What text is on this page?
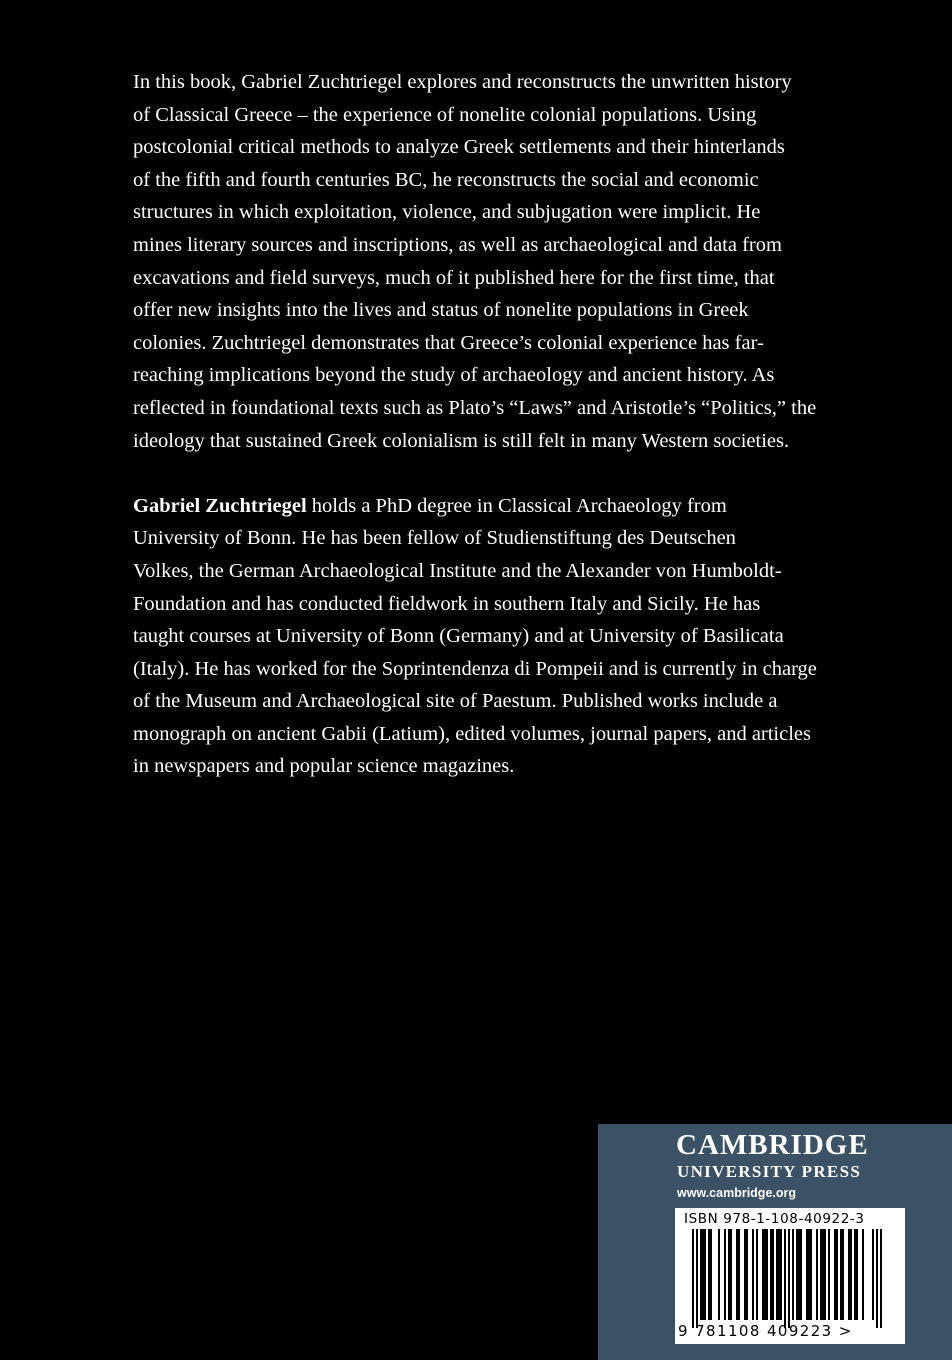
In this book, Gabriel Zuchtriegel explores and reconstructs the unwritten history
of Classical Greece – the experience of nonelite colonial populations. Using
postcolonial critical methods to analyze Greek settlements and their hinterlands
of the fifth and fourth centuries BC, he reconstructs the social and economic
structures in which exploitation, violence, and subjugation were implicit. He
mines literary sources and inscriptions, as well as archaeological and data from
excavations and field surveys, much of it published here for the first time, that
offer new insights into the lives and status of nonelite populations in Greek
colonies. Zuchtriegel demonstrates that Greece’s colonial experience has far-
reaching implications beyond the study of archaeology and ancient history. As
reflected in foundational texts such as Plato’s “Laws” and Aristotle’s “Politics,” the
ideology that sustained Greek colonialism is still felt in many Western societies.
Gabriel Zuchtriegel holds a PhD degree in Classical Archaeology from
University of Bonn. He has been fellow of Studienstiftung des Deutschen
Volkes, the German Archaeological Institute and the Alexander von Humboldt-
Foundation and has conducted fieldwork in southern Italy and Sicily. He has
taught courses at University of Bonn (Germany) and at University of Basilicata
(Italy). He has worked for the Soprintendenza di Pompeii and is currently in charge
of the Museum and Archaeological site of Paestum. Published works include a
monograph on ancient Gabii (Latium), edited volumes, journal papers, and articles
in newspapers and popular science magazines.
CAMBRIDGE
UNIVERSITY PRESS
www.cambridge.org
ISBN 978-1-108-40922-3
9 781108 409223 >
